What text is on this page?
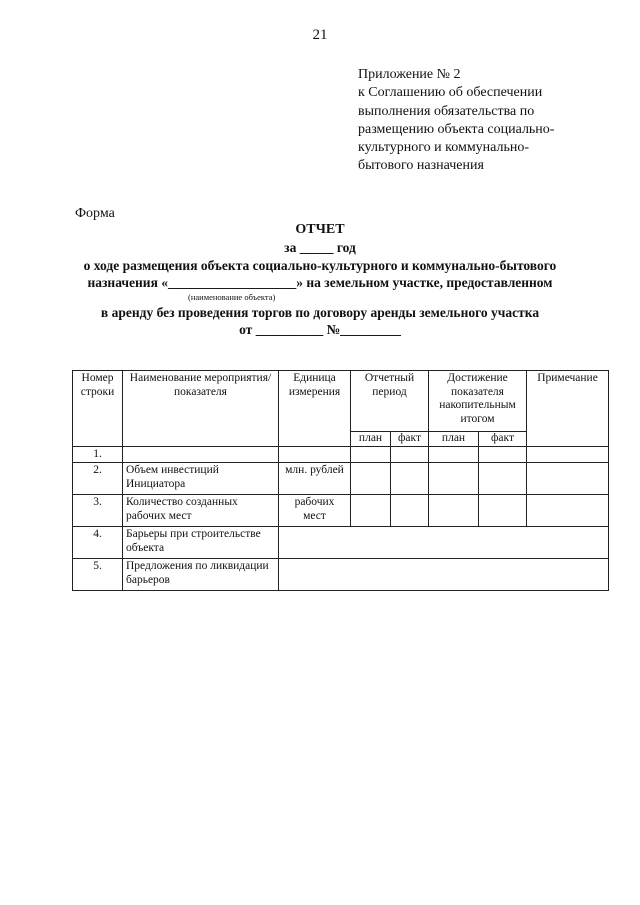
21
Приложение № 2
к Соглашению об обеспечении
выполнения обязательства по
размещению объекта социально-
культурного и коммунально-
бытового назначения
Форма
ОТЧЕТ
за _____ год
о ходе размещения объекта социально-культурного и коммунально-бытового
назначения «___________________» на земельном участке, предоставленном
(наименование объекта)
в аренду без проведения торгов по договору аренды земельного участка
от __________ №_________
Номер строки	Наименование мероприятия/ показателя	Единица измерения	Отчетный период		Достижение показателя накопительным итогом		Примечание
			план	факт	план	факт	
1.							
2.	Объем инвестиций Инициатора	млн. рублей					
3.	Количество созданных рабочих мест	рабочих мест					
4.	Барьеры при строительстве объекта						
5.	Предложения по ликвидации барьеров						
